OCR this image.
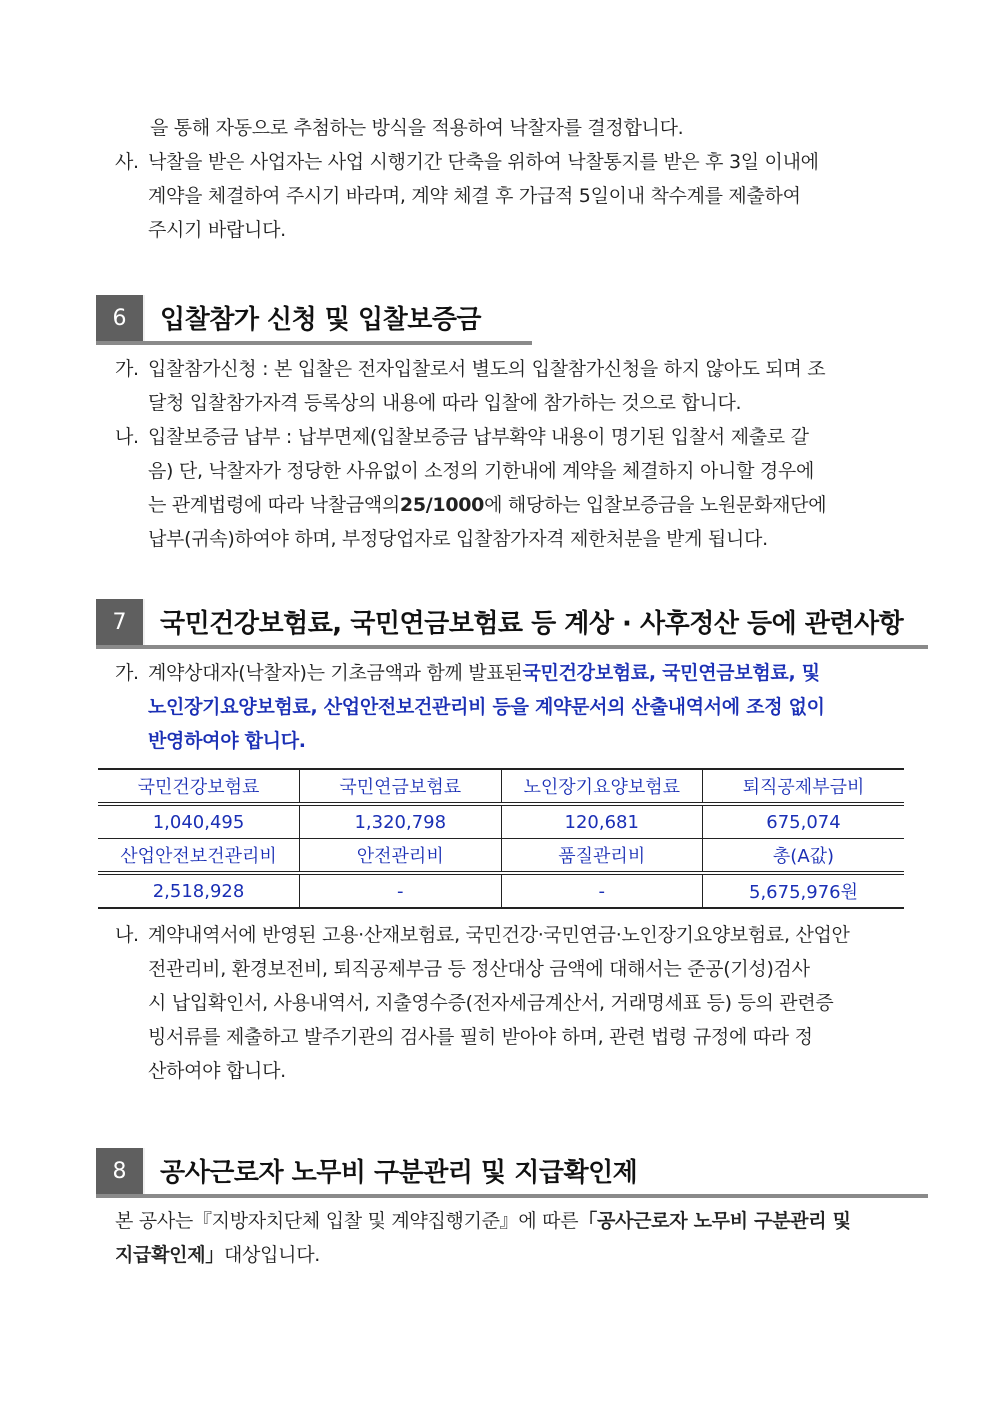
을 통해 자동으로 추첨하는 방식을 적용하여 낙찰자를 결정합니다.
사. 낙찰을 받은 사업자는 사업 시행기간 단축을 위하여 낙찰통지를 받은 후 3일 이내에
계약을 체결하여 주시기 바라며, 계약 체결 후 가급적 5일이내 착수계를 제출하여
주시기 바랍니다.
6	입찰참가 신청 및 입찰보증금
가. 입찰참가신청 : 본 입찰은 전자입찰로서 별도의 입찰참가신청을 하지 않아도 되며 조
달청 입찰참가자격 등록상의 내용에 따라 입찰에 참가하는 것으로 합니다.
나. 입찰보증금 납부 : 납부면제(입찰보증금 납부확약 내용이 명기된 입찰서 제출로 갈
음) 단, 낙찰자가 정당한 사유없이 소정의 기한내에 계약을 체결하지 아니할 경우에
는 관계법령에 따라 낙찰금액의 25/1000 에 해당하는 입찰보증금을 노원문화재단에
납부(귀속)하여야 하며, 부정당업자로 입찰참가자격 제한처분을 받게 됩니다.
7	국민건강보험료, 국민연금보험료 등 계상 · 사후정산 등에 관련사항
가. 계약상대자(낙찰자)는 기초금액과 함께 발표된 국민건강보험료, 국민연금보험료, 및
노인장기요양보험료, 산업안전보건관리비 등을 계약문서의 산출내역서에 조정 없이
반영하여야 합니다.
국민건강보험료	국민연금보험료	노인장기요양보험료	퇴직공제부금비
1,040,495	1,320,798	120,681	675,074
산업안전보건관리비	안전관리비	품질관리비	총(A값)
2,518,928	-	-	5,675,976원
나. 계약내역서에 반영된 고용·산재보험료, 국민건강·국민연금·노인장기요양보험료, 산업안
전관리비, 환경보전비, 퇴직공제부금 등 정산대상 금액에 대해서는 준공(기성)검사
시 납입확인서, 사용내역서, 지출영수증(전자세금계산서, 거래명세표 등) 등의 관련증
빙서류를 제출하고 발주기관의 검사를 필히 받아야 하며, 관련 법령 규정에 따라 정
산하여야 합니다.
8	공사근로자 노무비 구분관리 및 지급확인제
본 공사는『지방자치단체 입찰 및 계약집행기준』에 따른 「공사근로자 노무비 구분관리 및
지급확인제」 대상입니다.
